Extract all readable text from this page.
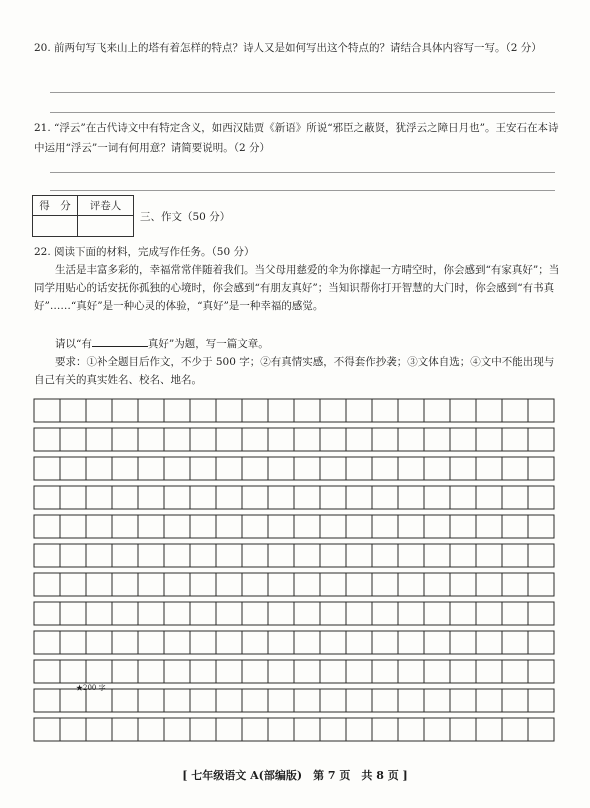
20. 前两句写飞来山上的塔有着怎样的特点？诗人又是如何写出这个特点的？请结合具体内容写一写。（2 分）
21. “浮云”在古代诗文中有特定含义，如西汉陆贾《新语》所说“邪臣之蔽贤，犹浮云之障日月也”。王安石在本诗中运用“浮云”一词有何用意？请简要说明。（2 分）
得　分	评卷人
三、作文（50 分）
22. 阅读下面的材料，完成写作任务。（50 分）
生活是丰富多彩的，幸福常常伴随着我们。当父母用慈爱的伞为你撑起一方晴空时，你会感到“有家真好”；当同学用贴心的话安抚你孤独的心境时，你会感到“有朋友真好”；当知识帮你打开智慧的大门时，你会感到“有书真好”……“真好”是一种心灵的体验，“真好”是一种幸福的感觉。
请以“有	真好”为题，写一篇文章。
要求：①补全题目后作文，不少于 500 字；②有真情实感，不得套作抄袭；③文体自选；④文中不能出现与自己有关的真实姓名、校名、地名。
★200 字
[ 七年级语文 A(部编版)　第 7 页　共 8 页 ]
